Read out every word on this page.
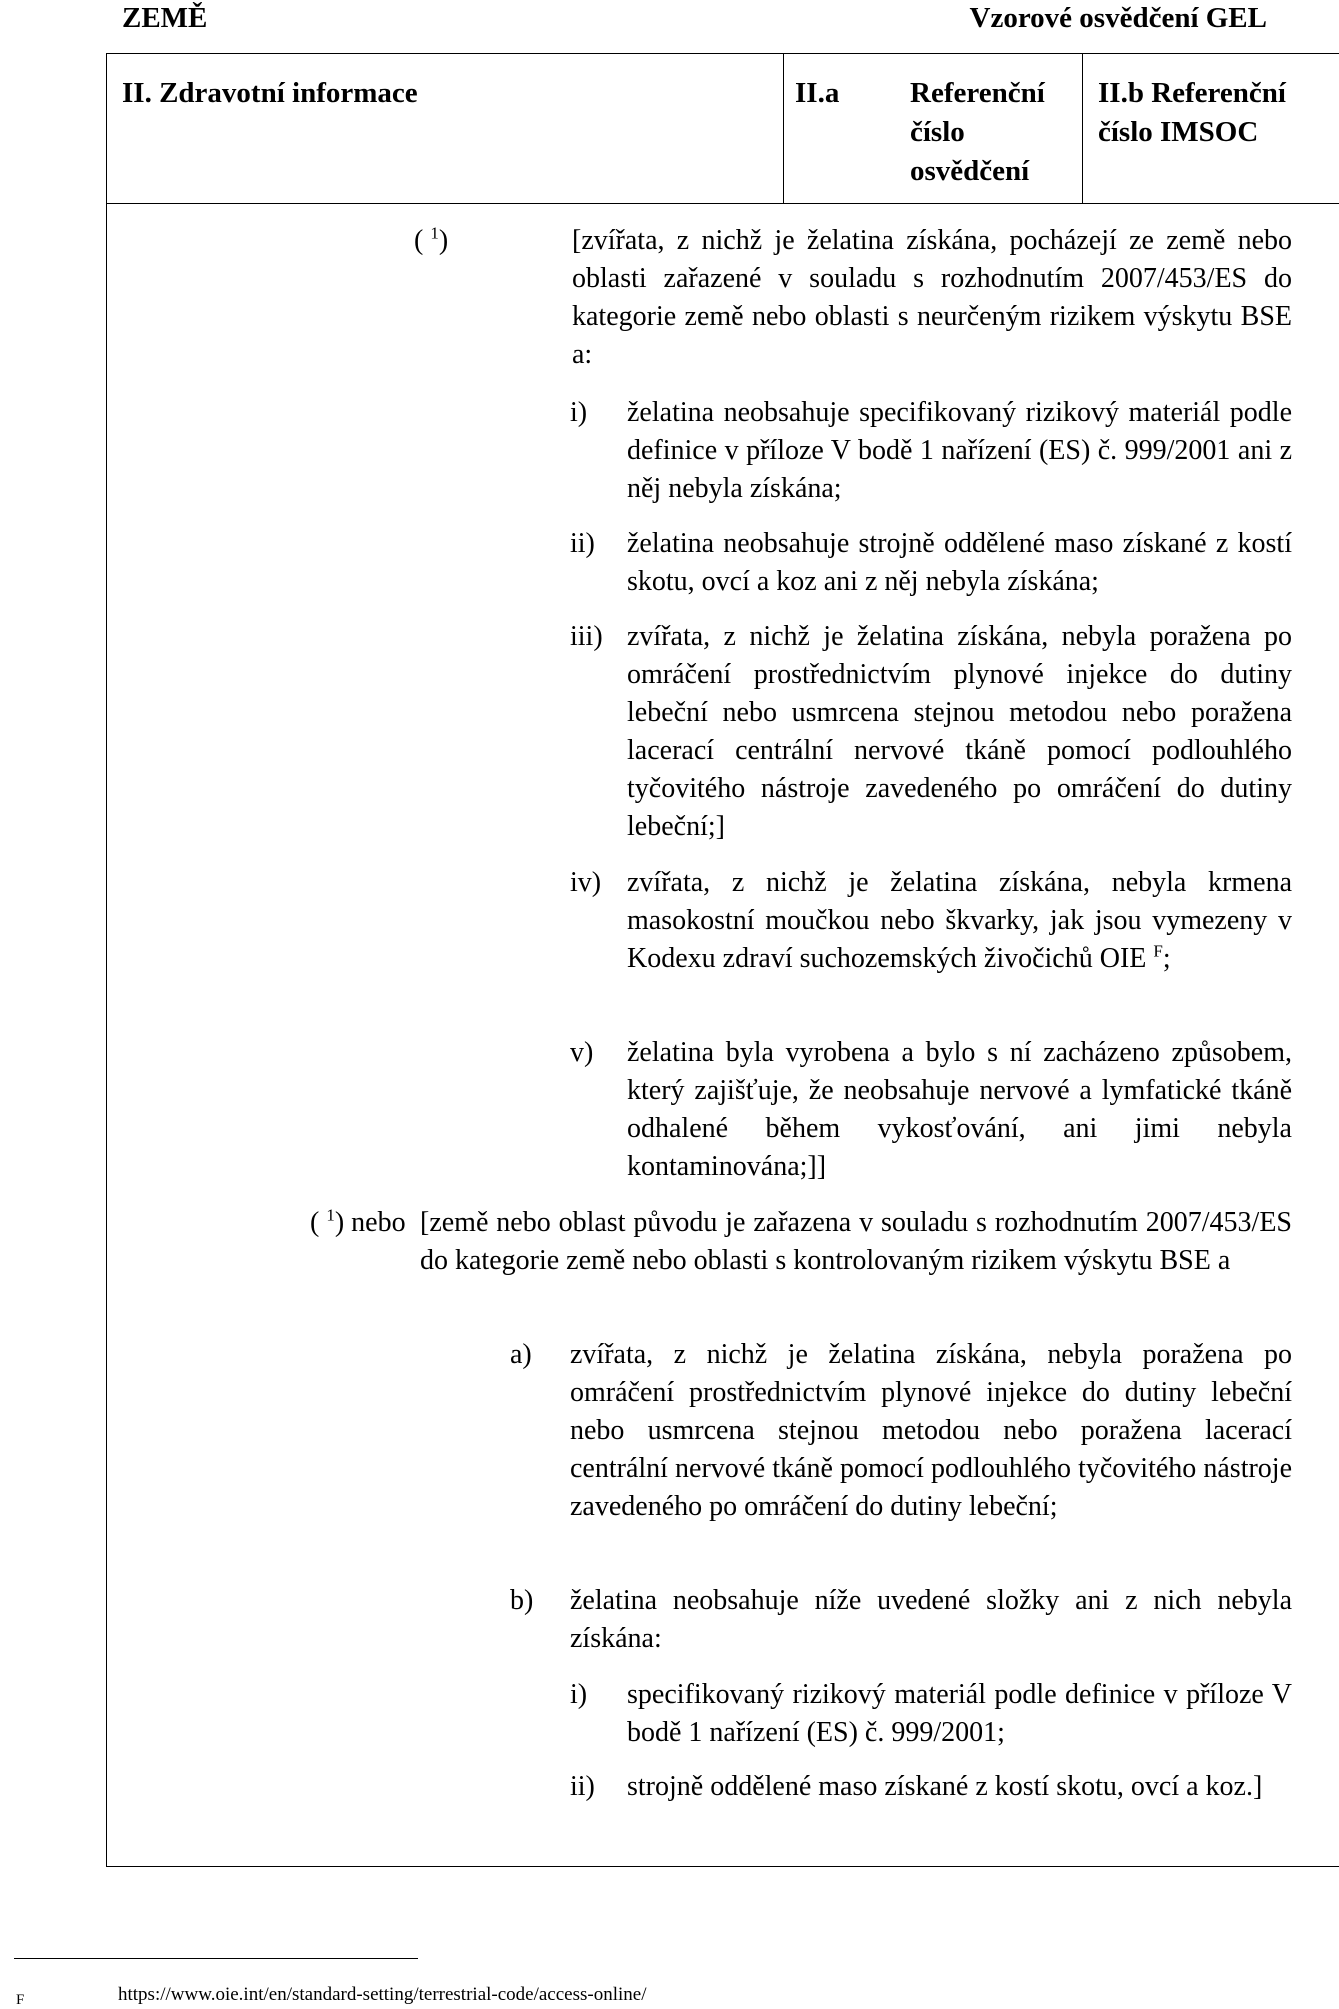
ZEMĚ	Vzorové osvědčení GEL
II. Zdravotní informace	II.a Referenční číslo osvědčení
II.b Referenční číslo IMSOC
( $^1$)	[zvířata, z nichž je želatina získána, pocházejí ze země nebo oblasti zařazené v souladu s rozhodnutím 2007/453/ES do kategorie země nebo oblasti s neurčeným rizikem výskytu BSE a:
i) želatina neobsahuje specifikovaný rizikový materiál podle definice v příloze V bodě 1 nařízení (ES) č. 999/2001 ani z něj nebyla získána;
ii) želatina neobsahuje strojně oddělené maso získané z kostí skotu, ovcí a koz ani z něj nebyla získána;
iii) zvířata, z nichž je želatina získána, nebyla poražena po omráčení prostřednictvím plynové injekce do dutiny lebeční nebo usmrcena stejnou metodou nebo poražena lacerací centrální nervové tkáně pomocí podlouhlého tyčovitého nástroje zavedeného po omráčení do dutiny lebeční;]
iv) zvířata, z nichž je želatina získána, nebyla krmena masokostní moučkou nebo škvarky, jak jsou vymezeny v Kodexu zdraví suchozemských živočichů OIE $^F$;
v) želatina byla vyrobena a bylo s ní zacházeno způsobem, který zajišťuje, že neobsahuje nervové a lymfatické tkáně odhalené během vykosťování, ani jimi nebyla kontaminována;]]
( $^1$) nebo [země nebo oblast původu je zařazena v souladu s rozhodnutím 2007/453/ES do kategorie země nebo oblasti s kontrolovaným rizikem výskytu BSE a
a) zvířata, z nichž je želatina získána, nebyla poražena po omráčení prostřednictvím plynové injekce do dutiny lebeční nebo usmrcena stejnou metodou nebo poražena lacerací centrální nervové tkáně pomocí podlouhlého tyčovitého nástroje zavedeného po omráčení do dutiny lebeční;
b) želatina neobsahuje níže uvedené složky ani z nich nebyla získána:
i) specifikovaný rizikový materiál podle definice v příloze V bodě 1 nařízení (ES) č. 999/2001;
ii) strojně oddělené maso získané z kostí skotu, ovcí a koz.]
F	https://www.oie.int/en/standard-setting/terrestrial-code/access-online/
